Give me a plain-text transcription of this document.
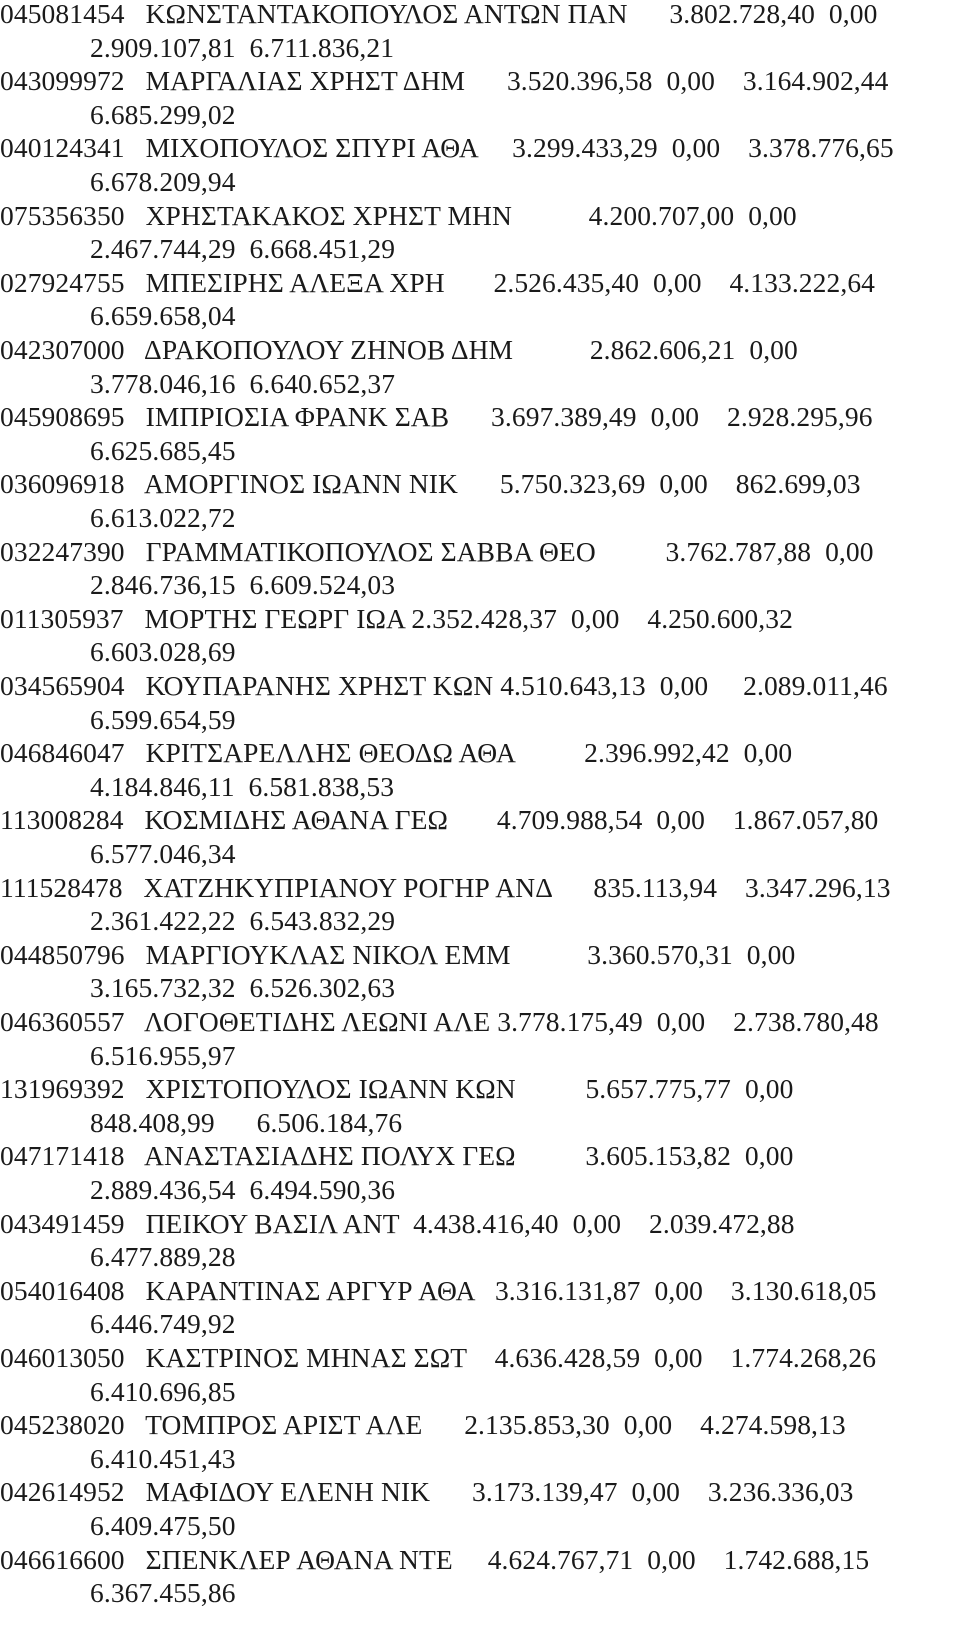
045081454   ΚΩΝΣΤΑΝΤΑΚΟΠΟΥΛΟΣ ΑΝΤΩΝ ΠΑΝ      3.802.728,40  0,00
2.909.107,81  6.711.836,21
043099972   ΜΑΡΓΑΛΙΑΣ ΧΡΗΣΤ ΔΗΜ      3.520.396,58  0,00    3.164.902,44
6.685.299,02
040124341   ΜΙΧΟΠΟΥΛΟΣ ΣΠΥΡΙ ΑΘΑ     3.299.433,29  0,00    3.378.776,65
6.678.209,94
075356350   ΧΡΗΣΤΑΚΑΚΟΣ ΧΡΗΣΤ ΜΗΝ           4.200.707,00  0,00
2.467.744,29  6.668.451,29
027924755   ΜΠΕΣΙΡΗΣ ΑΛΕΞΑ ΧΡΗ       2.526.435,40  0,00    4.133.222,64
6.659.658,04
042307000   ΔΡΑΚΟΠΟΥΛΟΥ ΖΗΝΟΒ ΔΗΜ           2.862.606,21  0,00
3.778.046,16  6.640.652,37
045908695   ΙΜΠΡΙΟΣΙΑ ΦΡΑΝΚ ΣΑΒ      3.697.389,49  0,00    2.928.295,96
6.625.685,45
036096918   ΑΜΟΡΓΙΝΟΣ ΙΩΑΝΝ ΝΙΚ      5.750.323,69  0,00    862.699,03
6.613.022,72
032247390   ΓΡΑΜΜΑΤΙΚΟΠΟΥΛΟΣ ΣΑΒΒΑ ΘΕΟ          3.762.787,88  0,00
2.846.736,15  6.609.524,03
011305937   ΜΟΡΤΗΣ ΓΕΩΡΓ ΙΩΑ 2.352.428,37  0,00    4.250.600,32
6.603.028,69
034565904   ΚΟΥΠΑΡΑΝΗΣ ΧΡΗΣΤ ΚΩΝ 4.510.643,13  0,00     2.089.011,46
6.599.654,59
046846047   ΚΡΙΤΣΑΡΕΛΛΗΣ ΘΕΟΔΩ ΑΘΑ          2.396.992,42  0,00
4.184.846,11  6.581.838,53
113008284   ΚΟΣΜΙΔΗΣ ΑΘΑΝΑ ΓΕΩ       4.709.988,54  0,00    1.867.057,80
6.577.046,34
111528478   ΧΑΤΖΗΚΥΠΡΙΑΝΟΥ ΡΟΓΗΡ ΑΝΔ      835.113,94    3.347.296,13
2.361.422,22  6.543.832,29
044850796   ΜΑΡΓΙΟΥΚΛΑΣ ΝΙΚΟΛ ΕΜΜ           3.360.570,31  0,00
3.165.732,32  6.526.302,63
046360557   ΛΟΓΟΘΕΤΙΔΗΣ ΛΕΩΝΙ ΑΛΕ 3.778.175,49  0,00    2.738.780,48
6.516.955,97
131969392   ΧΡΙΣΤΟΠΟΥΛΟΣ ΙΩΑΝΝ ΚΩΝ          5.657.775,77  0,00
848.408,99      6.506.184,76
047171418   ΑΝΑΣΤΑΣΙΑΔΗΣ ΠΟΛΥΧ ΓΕΩ          3.605.153,82  0,00
2.889.436,54  6.494.590,36
043491459   ΠΕΙΚΟΥ ΒΑΣΙΛ ΑΝΤ  4.438.416,40  0,00    2.039.472,88
6.477.889,28
054016408   ΚΑΡΑΝΤΙΝΑΣ ΑΡΓΥΡ ΑΘΑ   3.316.131,87  0,00    3.130.618,05
6.446.749,92
046013050   ΚΑΣΤΡΙΝΟΣ ΜΗΝΑΣ ΣΩΤ    4.636.428,59  0,00    1.774.268,26
6.410.696,85
045238020   ΤΟΜΠΡΟΣ ΑΡΙΣΤ ΑΛΕ      2.135.853,30  0,00    4.274.598,13
6.410.451,43
042614952   ΜΑΦΙΔΟΥ ΕΛΕΝΗ ΝΙΚ      3.173.139,47  0,00    3.236.336,03
6.409.475,50
046616600   ΣΠΕΝΚΛΕΡ ΑΘΑΝΑ ΝΤΕ     4.624.767,71  0,00    1.742.688,15
6.367.455,86
